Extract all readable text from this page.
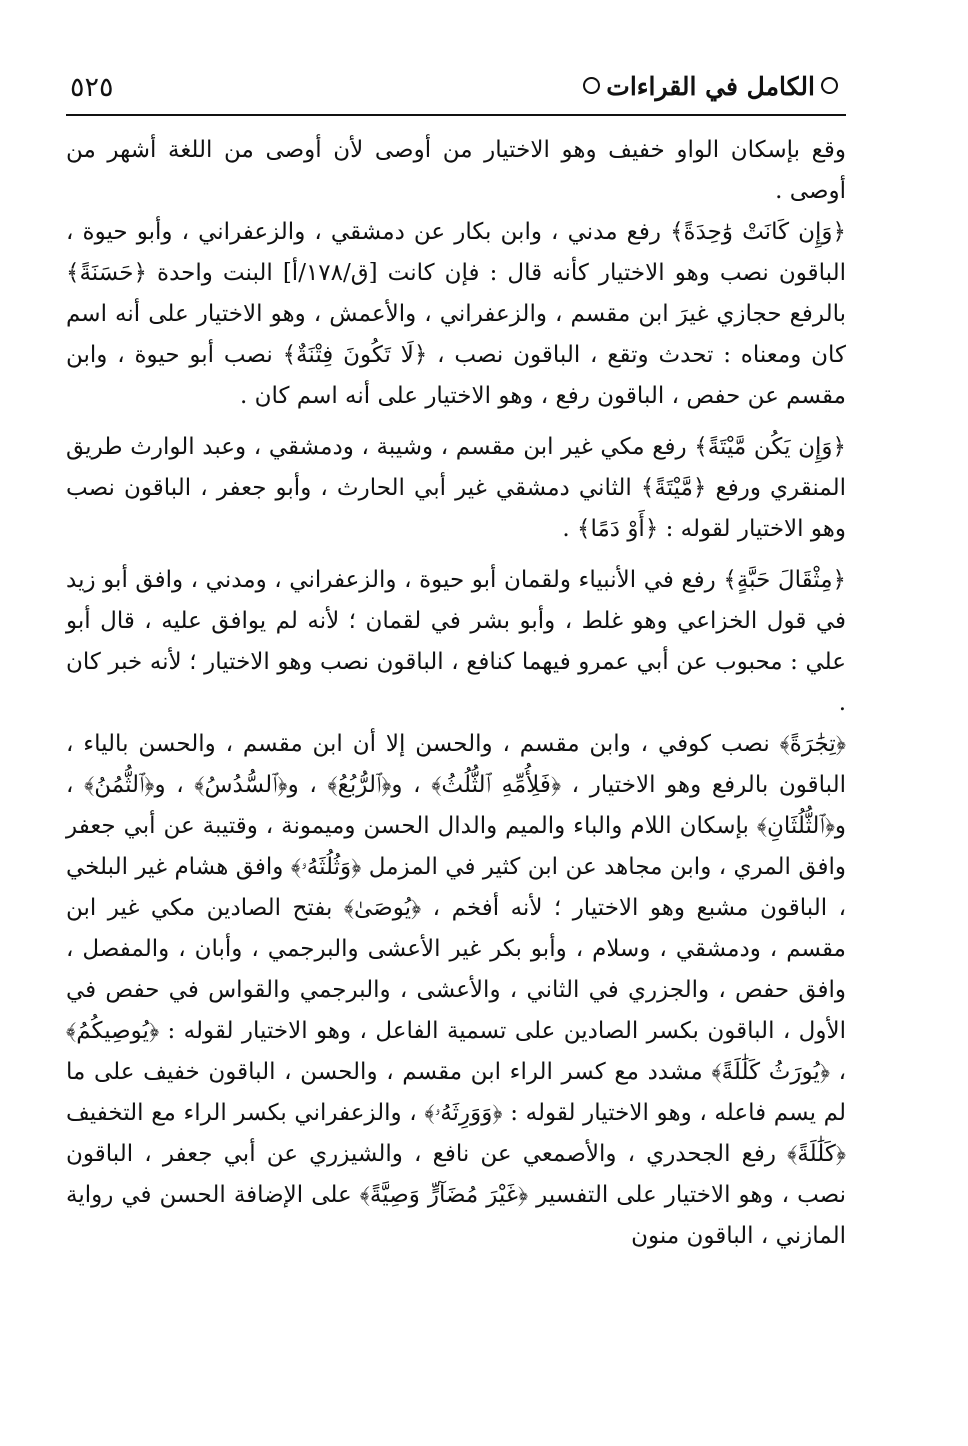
الكامل في القراءات
٥٢٥

وقع بإسكان الواو خفيف وهو الاختيار من أوصى لأن أوصى من اللغة أشهر من أوصى .

﴿وَإِن كَانَتْ وَٰحِدَةً﴾ رفع مدني ، وابن بكار عن دمشقي ، والزعفراني ، وأبو حيوة ، الباقون نصب وهو الاختيار كأنه قال : فإن كانت [ق/١٧٨/أ] البنت واحدة ﴿حَسَنَةً﴾ بالرفع حجازي غيرَ ابن مقسم ، والزعفراني ، والأعمش ، وهو الاختيار على أنه اسم كان ومعناه : تحدث وتقع ، الباقون نصب ، ﴿لَا تَكُونَ فِتْنَةٌ﴾ نصب أبو حيوة ، وابن مقسم عن حفص ، الباقون رفع ، وهو الاختيار على أنه اسم كان .

﴿وَإِن يَكُن مَّيْتَةً﴾ رفع مكي غير ابن مقسم ، وشيبة ، ودمشقي ، وعبد الوارث طريق المنقري ورفع ﴿مَّيْتَةً﴾ الثاني دمشقي غير أبي الحارث ، وأبو جعفر ، الباقون نصب وهو الاختيار لقوله : ﴿أَوْ دَمًا﴾ .

﴿مِثْقَالَ حَبَّةٍ﴾ رفع في الأنبياء ولقمان أبو حيوة ، والزعفراني ، ومدني ، وافق أبو زيد في قول الخزاعي وهو غلط ، وأبو بشر في لقمان ؛ لأنه لم يوافق عليه ، قال أبو علي : محبوب عن أبي عمرو فيهما كنافع ، الباقون نصب وهو الاختيار ؛ لأنه خبر كان .

﴿تِجَٰرَةً﴾ نصب كوفي ، وابن مقسم ، والحسن إلا أن ابن مقسم ، والحسن بالياء ، الباقون بالرفع وهو الاختيار ، ﴿فَلِأُمِّهِ ٱلثُّلُثُ﴾ ، و﴿ٱلرُّبُعُ﴾ ، و﴿ٱلسُّدُسُ﴾ ، و﴿ٱلثُّمُنُ﴾ ، و﴿ٱلثُّلُثَانِ﴾ بإسكان اللام والباء والميم والدال الحسن وميمونة ، وقتيبة عن أبي جعفر وافق المري ، وابن مجاهد عن ابن كثير في المزمل ﴿وَثُلُثَهُۥ﴾ وافق هشام غير البلخي ، الباقون مشبع وهو الاختيار ؛ لأنه أفخم ، ﴿يُوصَىٰ﴾ بفتح الصادين مكي غير ابن مقسم ، ودمشقي ، وسلام ، وأبو بكر غير الأعشى والبرجمي ، وأبان ، والمفصل ، وافق حفص ، والجزري في الثاني ، والأعشى ، والبرجمي والقواس في حفص في الأول ، الباقون بكسر الصادين على تسمية الفاعل ، وهو الاختيار لقوله : ﴿يُوصِيكُمُ﴾ ، ﴿يُورَثُ كَلَٰلَةً﴾ مشدد مع كسر الراء ابن مقسم ، والحسن ، الباقون خفيف على ما لم يسم فاعله ، وهو الاختيار لقوله : ﴿وَوَرِثَهُۥ﴾ ، والزعفراني بكسر الراء مع التخفيف ﴿كَلَٰلَةً﴾ رفع الجحدري ، والأصمعي عن نافع ، والشيزري عن أبي جعفر ، الباقون نصب ، وهو الاختيار على التفسير ﴿غَيْرَ مُضَآرٍّ وَصِيَّةً﴾ على الإضافة الحسن في رواية المازني ، الباقون منون
